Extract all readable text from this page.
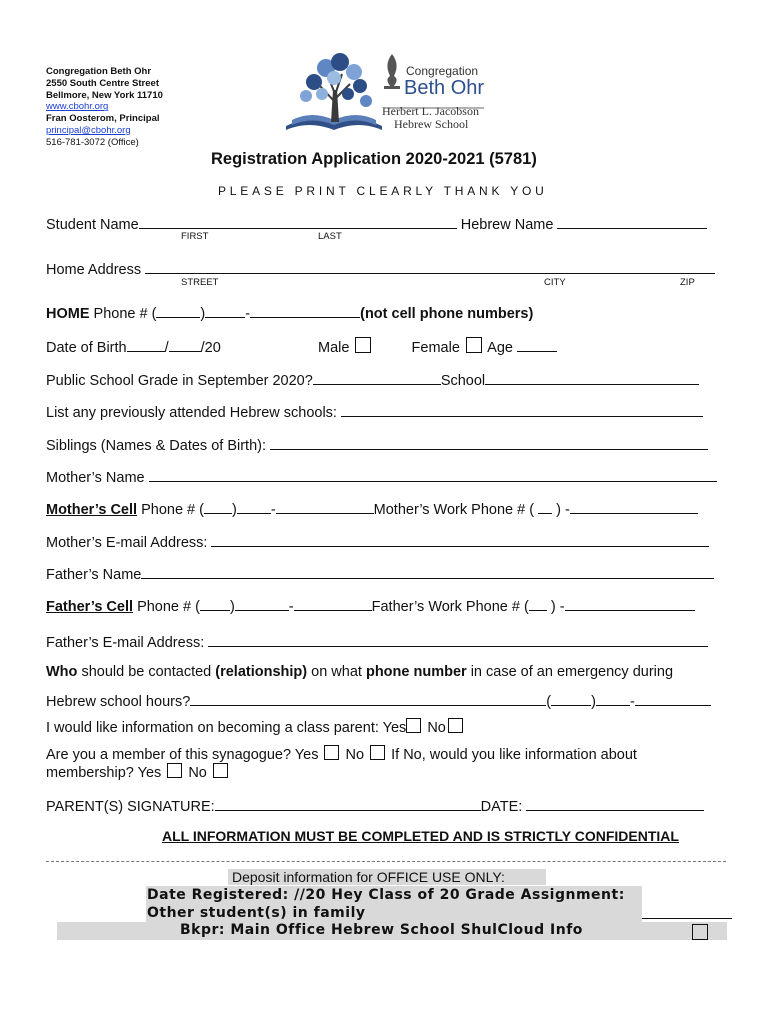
Congregation Beth Ohr
2550 South Centre Street
Bellmore, New York 11710
www.cbohr.org
Fran Oosterom, Principal
principal@cbohr.org
516-781-3072 (Office)
Congregation
Beth Ohr
Herbert L. Jacobson
Hebrew School
Registration Application 2020-2021 (5781)
PLEASE PRINT CLEARLY THANK YOU
Student Name	Hebrew Name
FIRST	LAST
Home Address
STREET	CITY	ZIP
HOME Phone # (	)	-	(not cell phone numbers)
Date of Birth	/ /20	Male	Female Age
Public School Grade in September 2020?	School
List any previously attended Hebrew schools:
Siblings (Names & Dates of Birth):
Mother’s Name
Mother’s Cell Phone # ( ) -	Mother’s Work Phone # (  ) -
Mother’s E-mail Address:
Father’s Name
Father’s Cell Phone # ( )	-	Father’s Work Phone # ( ) -
Father’s E-mail Address:
Who should be contacted (relationship) on what phone number in case of an emergency during
Hebrew school hours?	(	) -
I would like information on becoming a class parent: Yes No
Are you a member of this synagogue? Yes No If No, would you like information about
membership? Yes No
PARENT(S) SIGNATURE:	DATE:
ALL INFORMATION MUST BE COMPLETED AND IS STRICTLY CONFIDENTIAL
Deposit information for OFFICE USE ONLY:
Date Registered: //20 Hey Class of 20 Grade Assignment:
Other student(s) in family
Bkpr: Main Office Hebrew School ShulCloud Info
